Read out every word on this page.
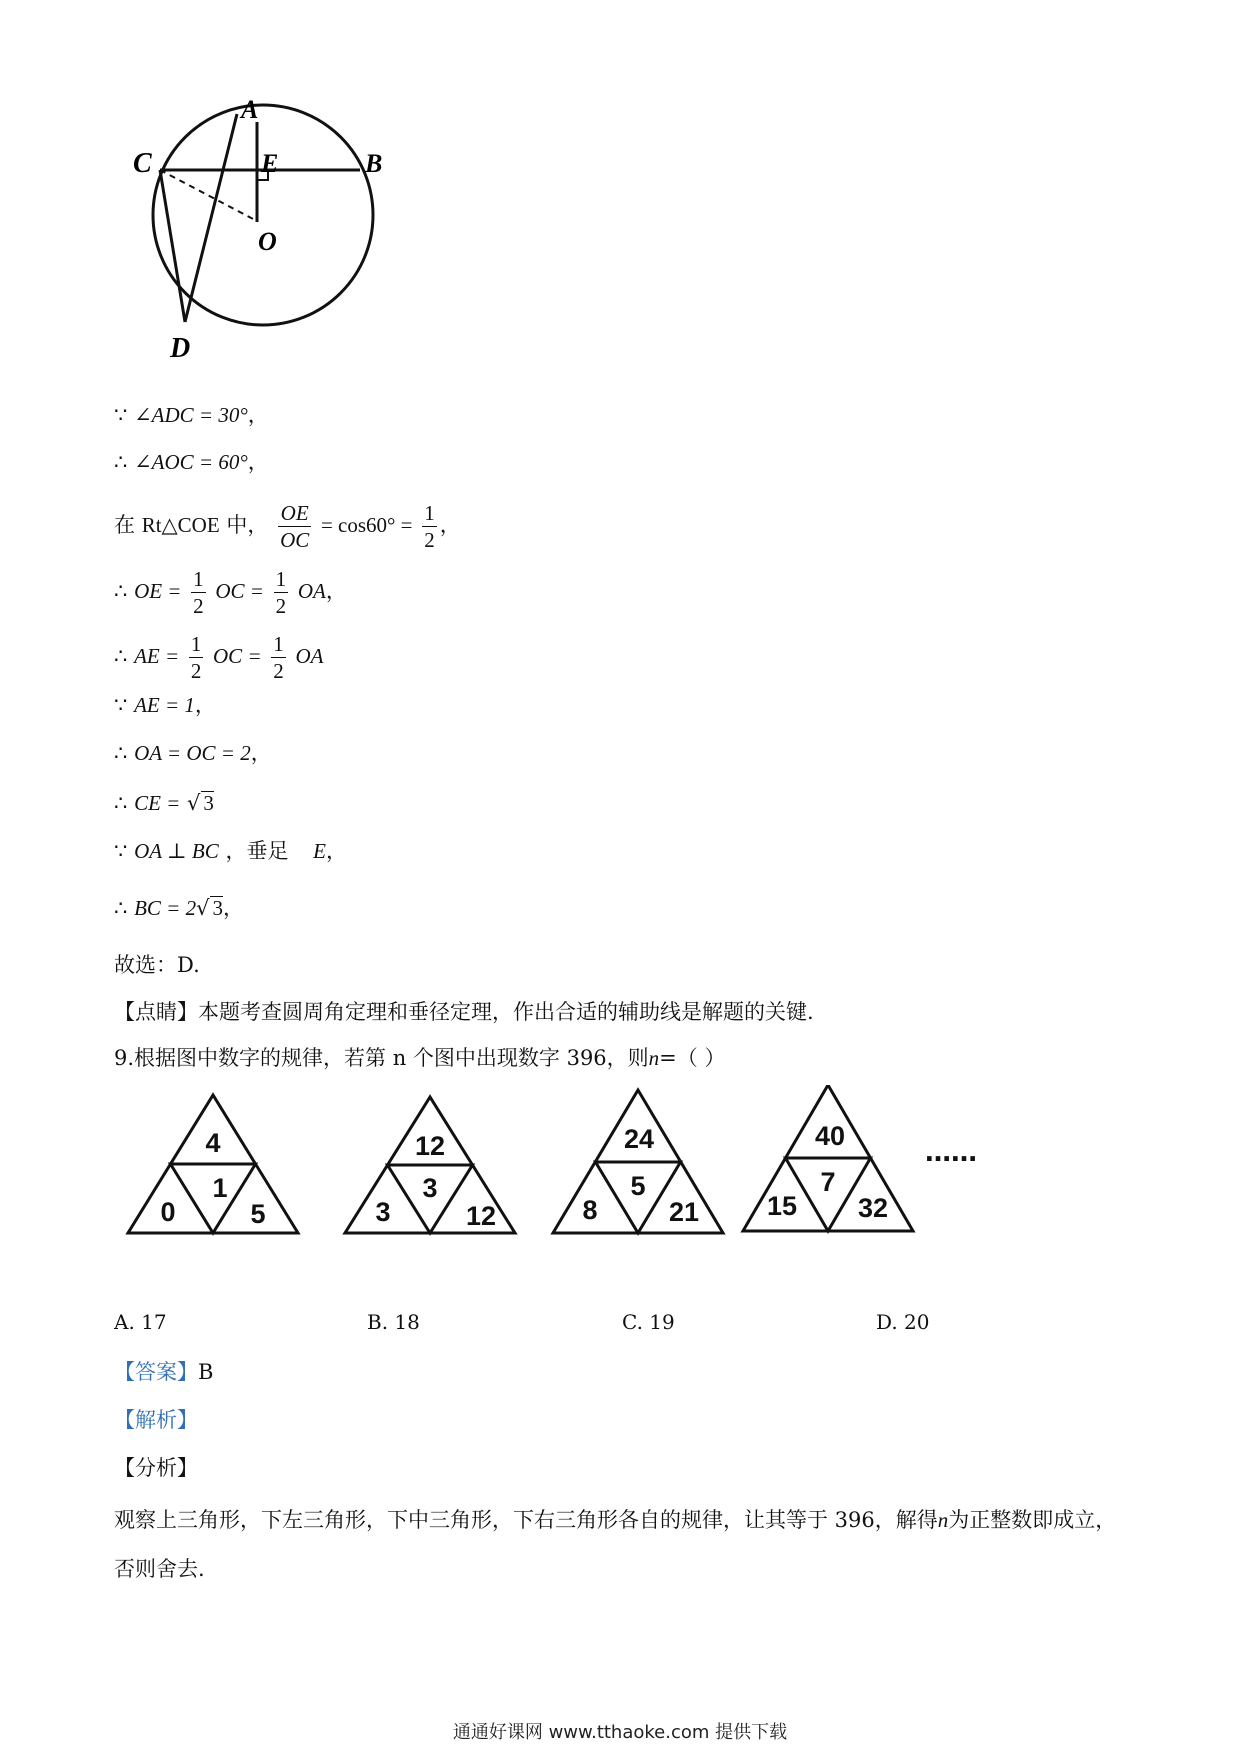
A
C	E	B
O
D
∵ ∠ADC = 30°，
∴ ∠AOC = 60°，
在 Rt△COE 中， $\frac{OE}{OC} = \cos 60^\circ = \frac{1}{2}$ ，
∴ OE = $\frac{1}{2}$ OC = $\frac{1}{2}$ OA，
∴ AE = $\frac{1}{2}$ OC = $\frac{1}{2}$ OA
∵ AE = 1，
∴ OA = OC = 2，
∴ CE = √ 3
∵ OA ⊥ BC ，垂足 E，
∴ BC = 2√ 3，
故选：D.
【点睛】本题考查圆周角定理和垂径定理，作出合适的辅助线是解题的关键.
9.根据图中数字的规律，若第 n 个图中出现数字 396，则n=（ ）
4
1
0	5
12
3
3	12
24
5
8	21
40
7
15 32
……
A. 17	B. 18	C. 19	D. 20
【答案】B
【解析】
【分析】
观察上三角形，下左三角形，下中三角形，下右三角形各自的规律，让其等于 396，解得n为正整数即成立，
否则舍去.
通通好课网 www.tthaoke.com 提供下载
